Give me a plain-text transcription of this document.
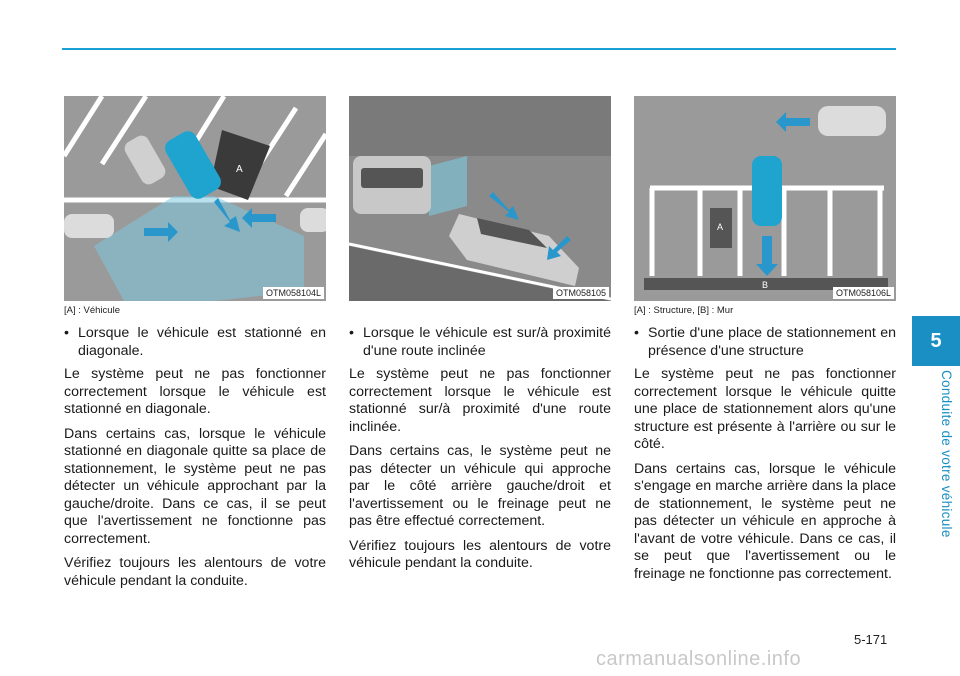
A
OTM058104L
[A] : Véhicule
• Lorsque le véhicule est stationné en diagonale.

Le système peut ne pas fonctionner correctement lorsque le véhicule est stationné en diagonale.

Dans certains cas, lorsque le véhicule stationné en diagonale quitte sa place de stationnement, le système peut ne pas détecter un véhicule approchant par la gauche/droite. Dans ce cas, il se peut que l'avertissement ne fonctionne pas correctement.

Vérifiez toujours les alentours de votre véhicule pendant la conduite.

OTM058105
• Lorsque le véhicule est sur/à proximité d'une route inclinée

Le système peut ne pas fonctionner correctement lorsque le véhicule est stationné sur/à proximité d'une route inclinée.

Dans certains cas, le système peut ne pas détecter un véhicule qui approche par le côté arrière gauche/droit et l'avertissement ou le freinage peut ne pas être effectué correctement.

Vérifiez toujours les alentours de votre véhicule pendant la conduite.

B
A
OTM058106L
[A] : Structure, [B] : Mur
• Sortie d'une place de stationnement en présence d'une structure

Le système peut ne pas fonctionner correctement lorsque le véhicule quitte une place de stationnement alors qu'une structure est présente à l'arrière ou sur le côté.

Dans certains cas, lorsque le véhicule s'engage en marche arrière dans la place de stationnement, le système peut ne pas détecter un véhicule en approche à l'avant de votre véhicule. Dans ce cas, il se peut que l'avertissement ou le freinage ne fonctionne pas correctement.

5
Conduite de votre véhicule
5-171
carmanualsonline.info
